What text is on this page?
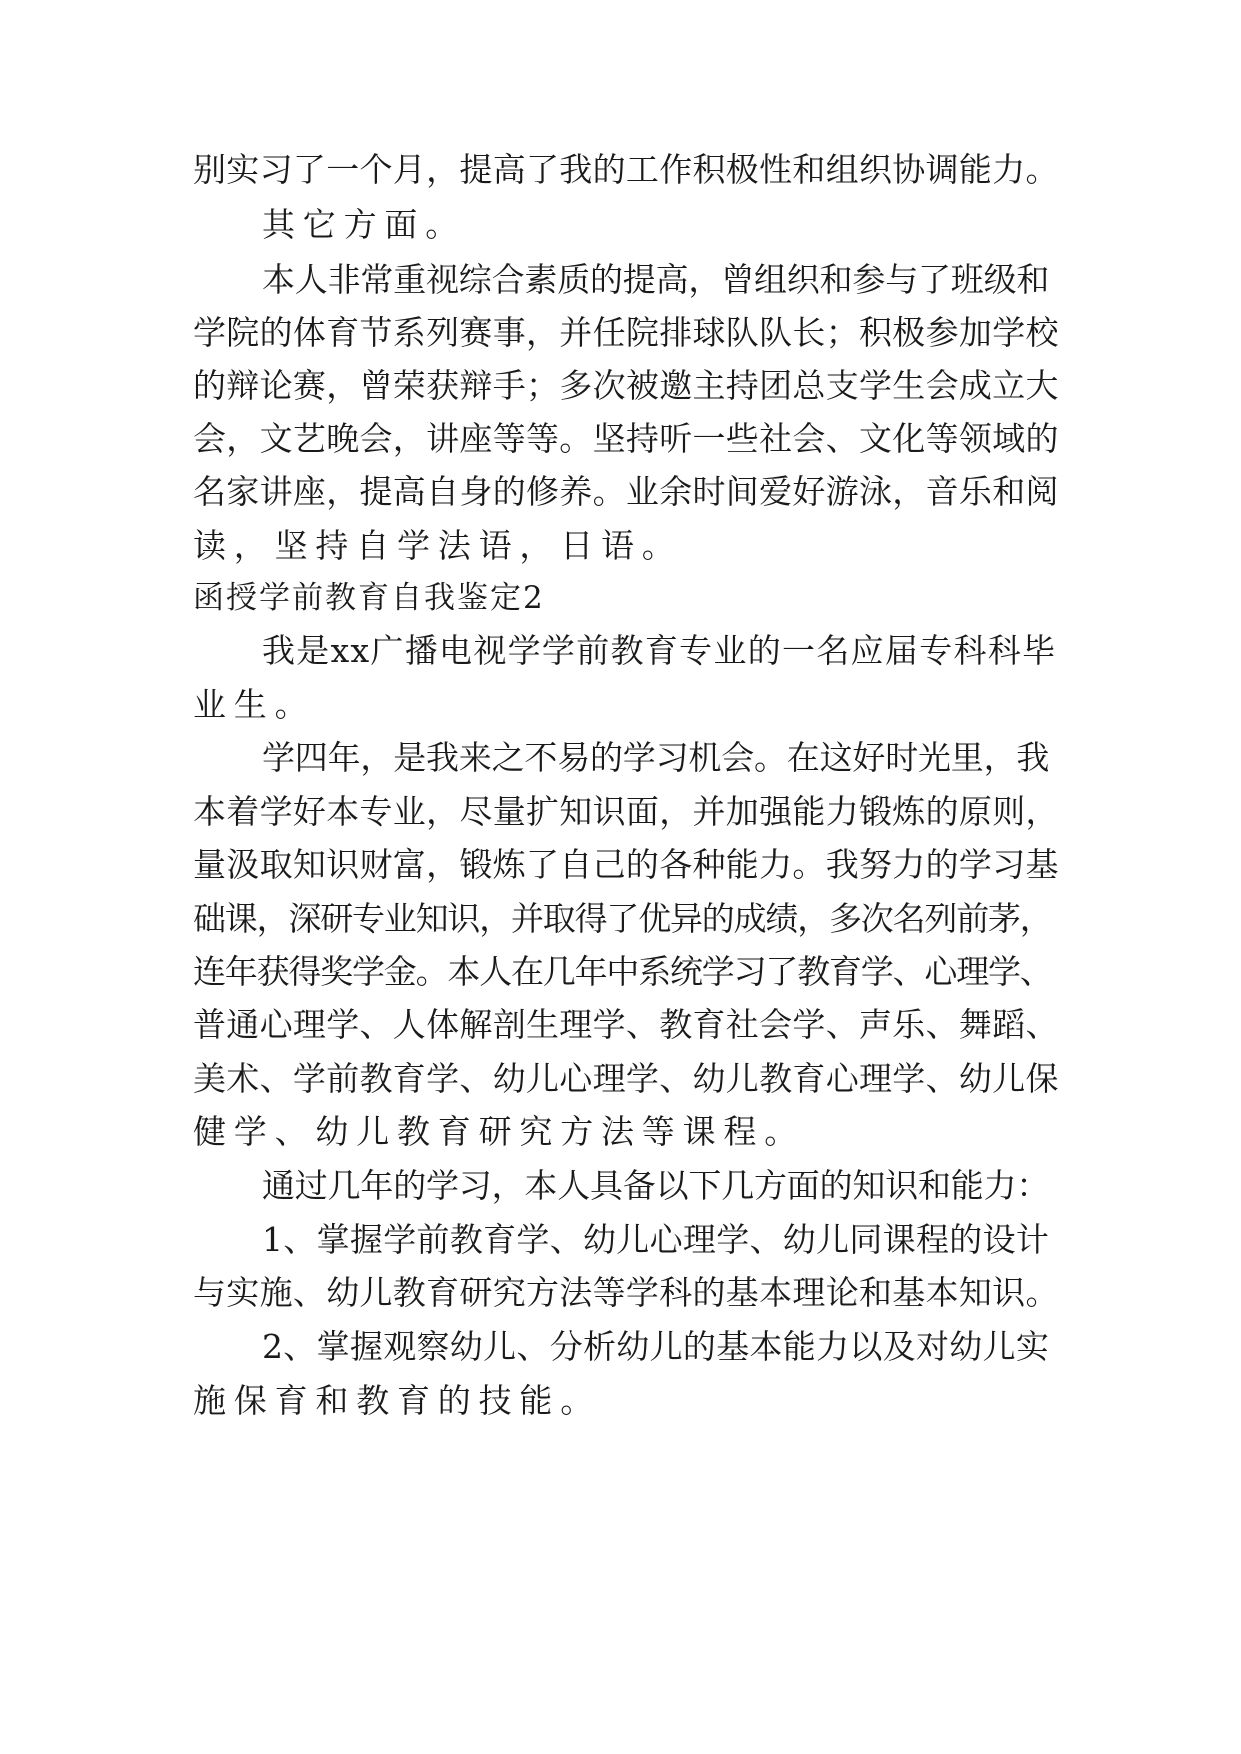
别实习了一个月，提高了我的工作积极性和组织协调能力。
其它方面。
本人非常重视综合素质的提高，曾组织和参与了班级和
学院的体育节系列赛事，并任院排球队队长；积极参加学校
的辩论赛，曾荣获辩手；多次被邀主持团总支学生会成立大
会，文艺晚会，讲座等等。坚持听一些社会、文化等领域的
名家讲座，提高自身的修养。业余时间爱好游泳，音乐和阅
读，坚持自学法语，日语。
函授学前教育自我鉴定2
我是xx广播电视学学前教育专业的一名应届专科科毕
业生。
学四年，是我来之不易的学习机会。在这好时光里，我
本着学好本专业，尽量扩知识面，并加强能力锻炼的原则，
量汲取知识财富，锻炼了自己的各种能力。我努力的学习基
础课，深研专业知识，并取得了优异的成绩，多次名列前茅，
连年获得奖学金。本人在几年中系统学习了教育学、心理学、
普通心理学、人体解剖生理学、教育社会学、声乐、舞蹈、
美术、学前教育学、幼儿心理学、幼儿教育心理学、幼儿保
健学、幼儿教育研究方法等课程。
通过几年的学习，本人具备以下几方面的知识和能力：
1、掌握学前教育学、幼儿心理学、幼儿同课程的设计
与实施、幼儿教育研究方法等学科的基本理论和基本知识。
2、掌握观察幼儿、分析幼儿的基本能力以及对幼儿实
施保育和教育的技能。
